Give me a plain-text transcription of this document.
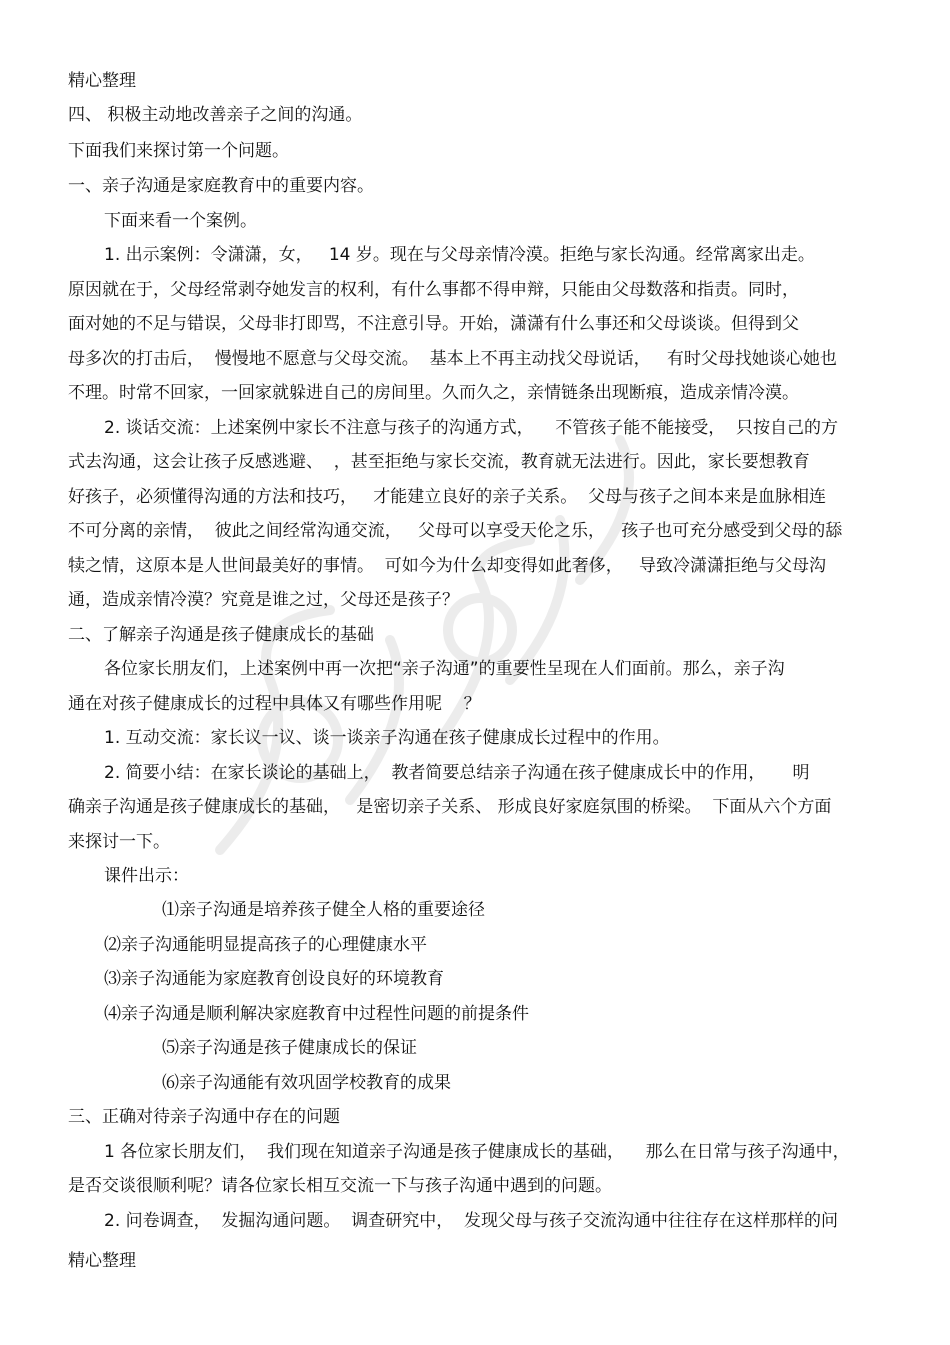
精心整理
四、 积极主动地改善亲子之间的沟通。
下面我们来探讨第一个问题。
一、亲子沟通是家庭教育中的重要内容。
下面来看一个案例。
1. 出示案例：令潇潇，女，   14 岁。现在与父母亲情冷漠。拒绝与家长沟通。经常离家出走。
原因就在于，父母经常剥夺她发言的权利，有什么事都不得申辩，只能由父母数落和指责。同时，
面对她的不足与错误，父母非打即骂，不注意引导。开始，潇潇有什么事还和父母谈谈。但得到父
母多次的打击后，  慢慢地不愿意与父母交流。  基本上不再主动找父母说话，   有时父母找她谈心她也
不理。时常不回家，一回家就躲进自己的房间里。久而久之，亲情链条出现断痕，造成亲情冷漠。
2. 谈话交流：上述案例中家长不注意与孩子的沟通方式，    不管孩子能不能接受，  只按自己的方
式去沟通，这会让孩子反感逃避、  ，甚至拒绝与家长交流，教育就无法进行。因此，家长要想教育
好孩子，必须懂得沟通的方法和技巧，   才能建立良好的亲子关系。  父母与孩子之间本来是血脉相连
不可分离的亲情，  彼此之间经常沟通交流，   父母可以享受天伦之乐，   孩子也可充分感受到父母的舔
犊之情，这原本是人世间最美好的事情。  可如今为什么却变得如此奢侈，   导致冷潇潇拒绝与父母沟
通，造成亲情冷漠？究竟是谁之过，父母还是孩子？
二、了解亲子沟通是孩子健康成长的基础
各位家长朋友们，上述案例中再一次把“亲子沟通”的重要性呈现在人们面前。那么，亲子沟
通在对孩子健康成长的过程中具体又有哪些作用呢    ？
1. 互动交流：家长议一议、谈一谈亲子沟通在孩子健康成长过程中的作用。
2. 简要小结：在家长谈论的基础上，  教者简要总结亲子沟通在孩子健康成长中的作用，     明
确亲子沟通是孩子健康成长的基础，   是密切亲子关系、 形成良好家庭氛围的桥梁。  下面从六个方面
来探讨一下。
课件出示：
⑴亲子沟通是培养孩子健全人格的重要途径
⑵亲子沟通能明显提高孩子的心理健康水平
⑶亲子沟通能为家庭教育创设良好的环境教育
⑷亲子沟通是顺利解决家庭教育中过程性问题的前提条件
⑸亲子沟通是孩子健康成长的保证
⑹亲子沟通能有效巩固学校教育的成果
三、正确对待亲子沟通中存在的问题
1 各位家长朋友们，  我们现在知道亲子沟通是孩子健康成长的基础，    那么在日常与孩子沟通中，
是否交谈很顺利呢？请各位家长相互交流一下与孩子沟通中遇到的问题。
2. 问卷调查，  发掘沟通问题。  调查研究中，  发现父母与孩子交流沟通中往往存在这样那样的问
精心整理
